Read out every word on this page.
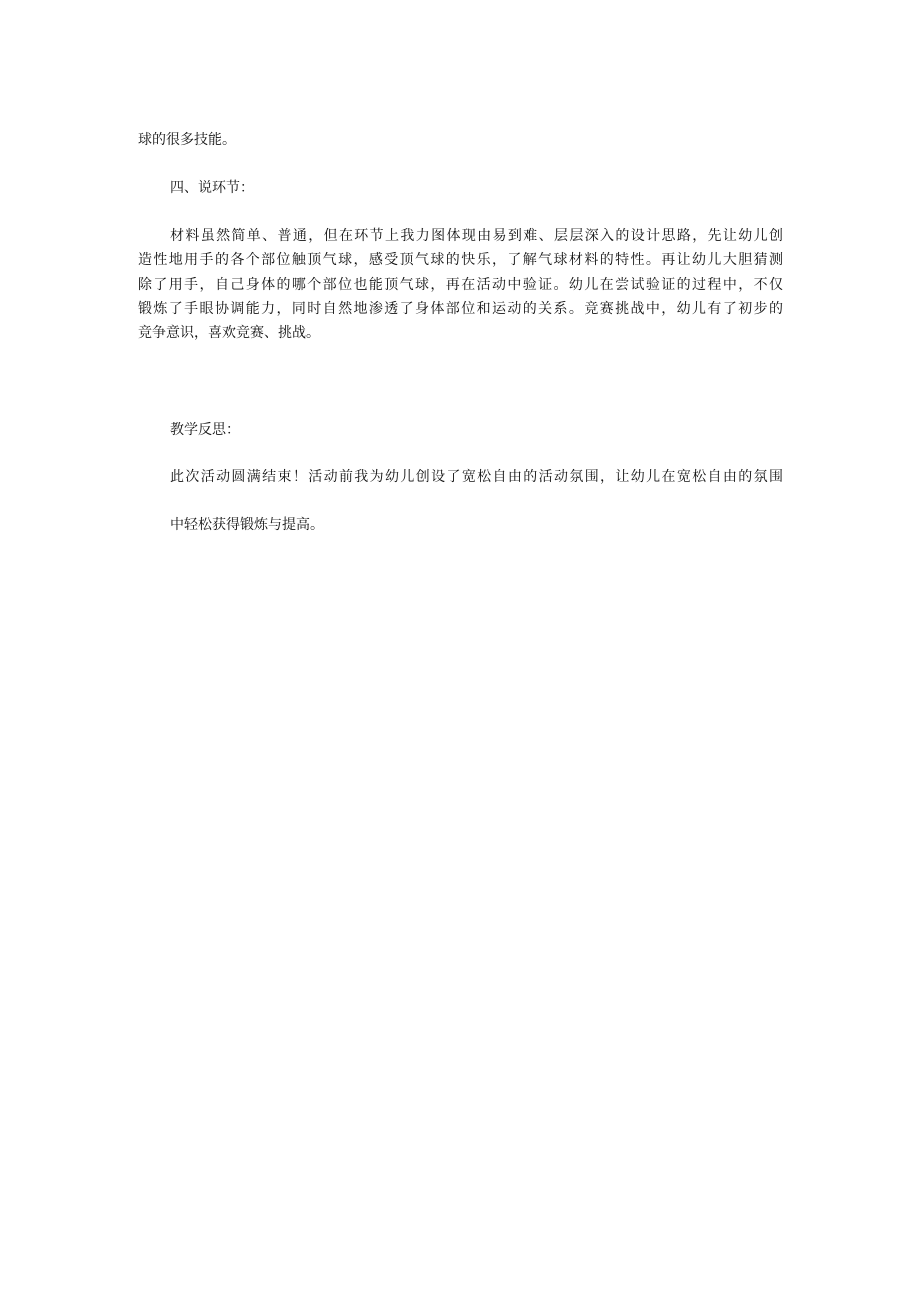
球的很多技能。
四、说环节：
材料虽然简单、普通，但在环节上我力图体现由易到难、层层深入的设计思路，先让幼儿创
造性地用手的各个部位触顶气球，感受顶气球的快乐，了解气球材料的特性。再让幼儿大胆猜测
除了用手，自己身体的哪个部位也能顶气球，再在活动中验证。幼儿在尝试验证的过程中，不仅
锻炼了手眼协调能力，同时自然地渗透了身体部位和运动的关系。竞赛挑战中，幼儿有了初步的
竞争意识，喜欢竞赛、挑战。
教学反思：
此次活动圆满结束！活动前我为幼儿创设了宽松自由的活动氛围，让幼儿在宽松自由的氛围
中轻松获得锻炼与提高。
